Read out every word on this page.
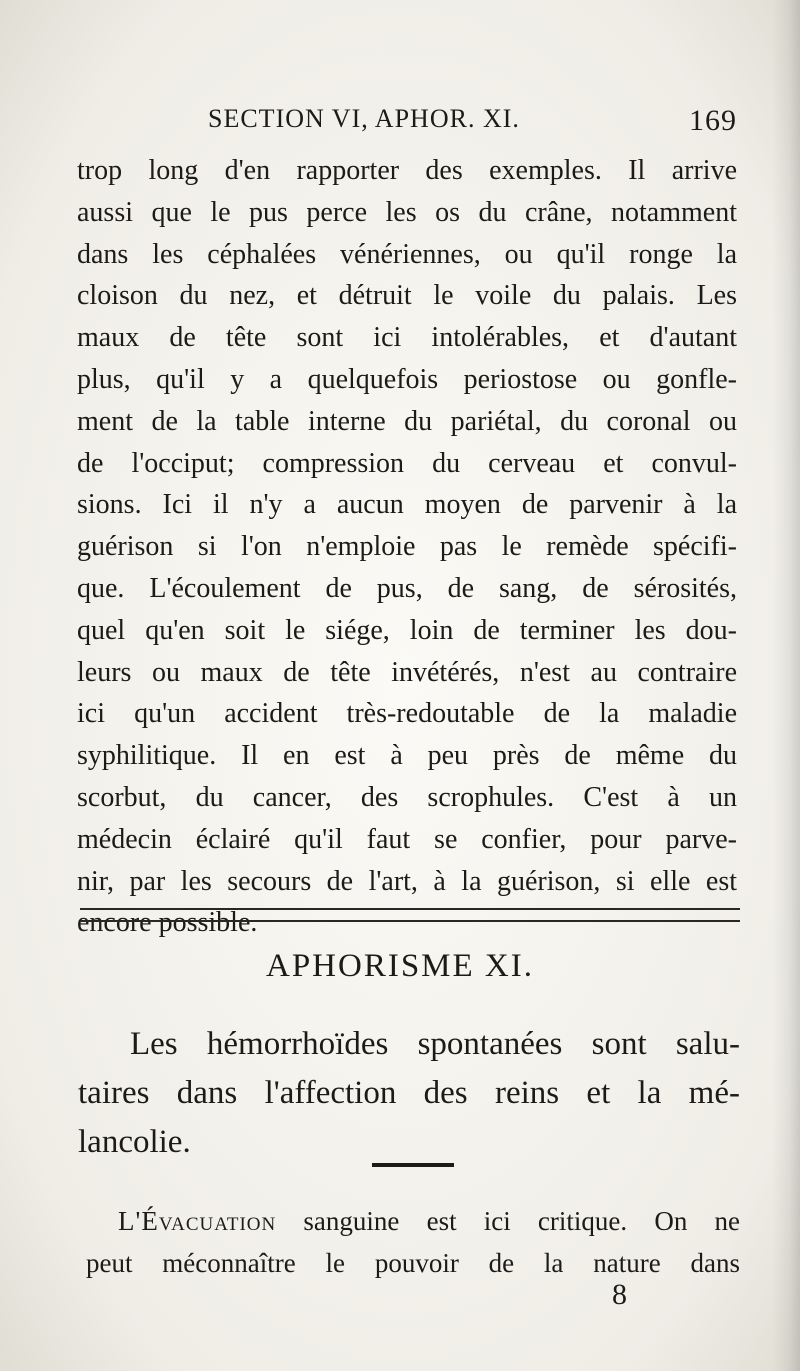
SECTION VI, APHOR. XI.	169
trop long d'en rapporter des exemples. Il arrive
aussi que le pus perce les os du crâne, notamment
dans les céphalées vénériennes, ou qu'il ronge la
cloison du nez, et détruit le voile du palais. Les
maux de tête sont ici intolérables, et d'autant
plus, qu'il y a quelquefois periostose ou gonfle-
ment de la table interne du pariétal, du coronal ou
de l'occiput; compression du cerveau et convul-
sions. Ici il n'y a aucun moyen de parvenir à la
guérison si l'on n'emploie pas le remède spécifi-
que. L'écoulement de pus, de sang, de sérosités,
quel qu'en soit le siége, loin de terminer les dou-
leurs ou maux de tête invétérés, n'est au contraire
ici qu'un accident très-redoutable de la maladie
syphilitique. Il en est à peu près de même du
scorbut, du cancer, des scrophules. C'est à un
médecin éclairé qu'il faut se confier, pour parve-
nir, par les secours de l'art, à la guérison, si elle est
encore possible.
APHORISME XI.
Les hémorrhoïdes spontanées sont salu-
taires dans l'affection des reins et la mé-
lancolie.
L'Évacuation sanguine est ici critique. On ne
peut méconnaître le pouvoir de la nature dans
8
